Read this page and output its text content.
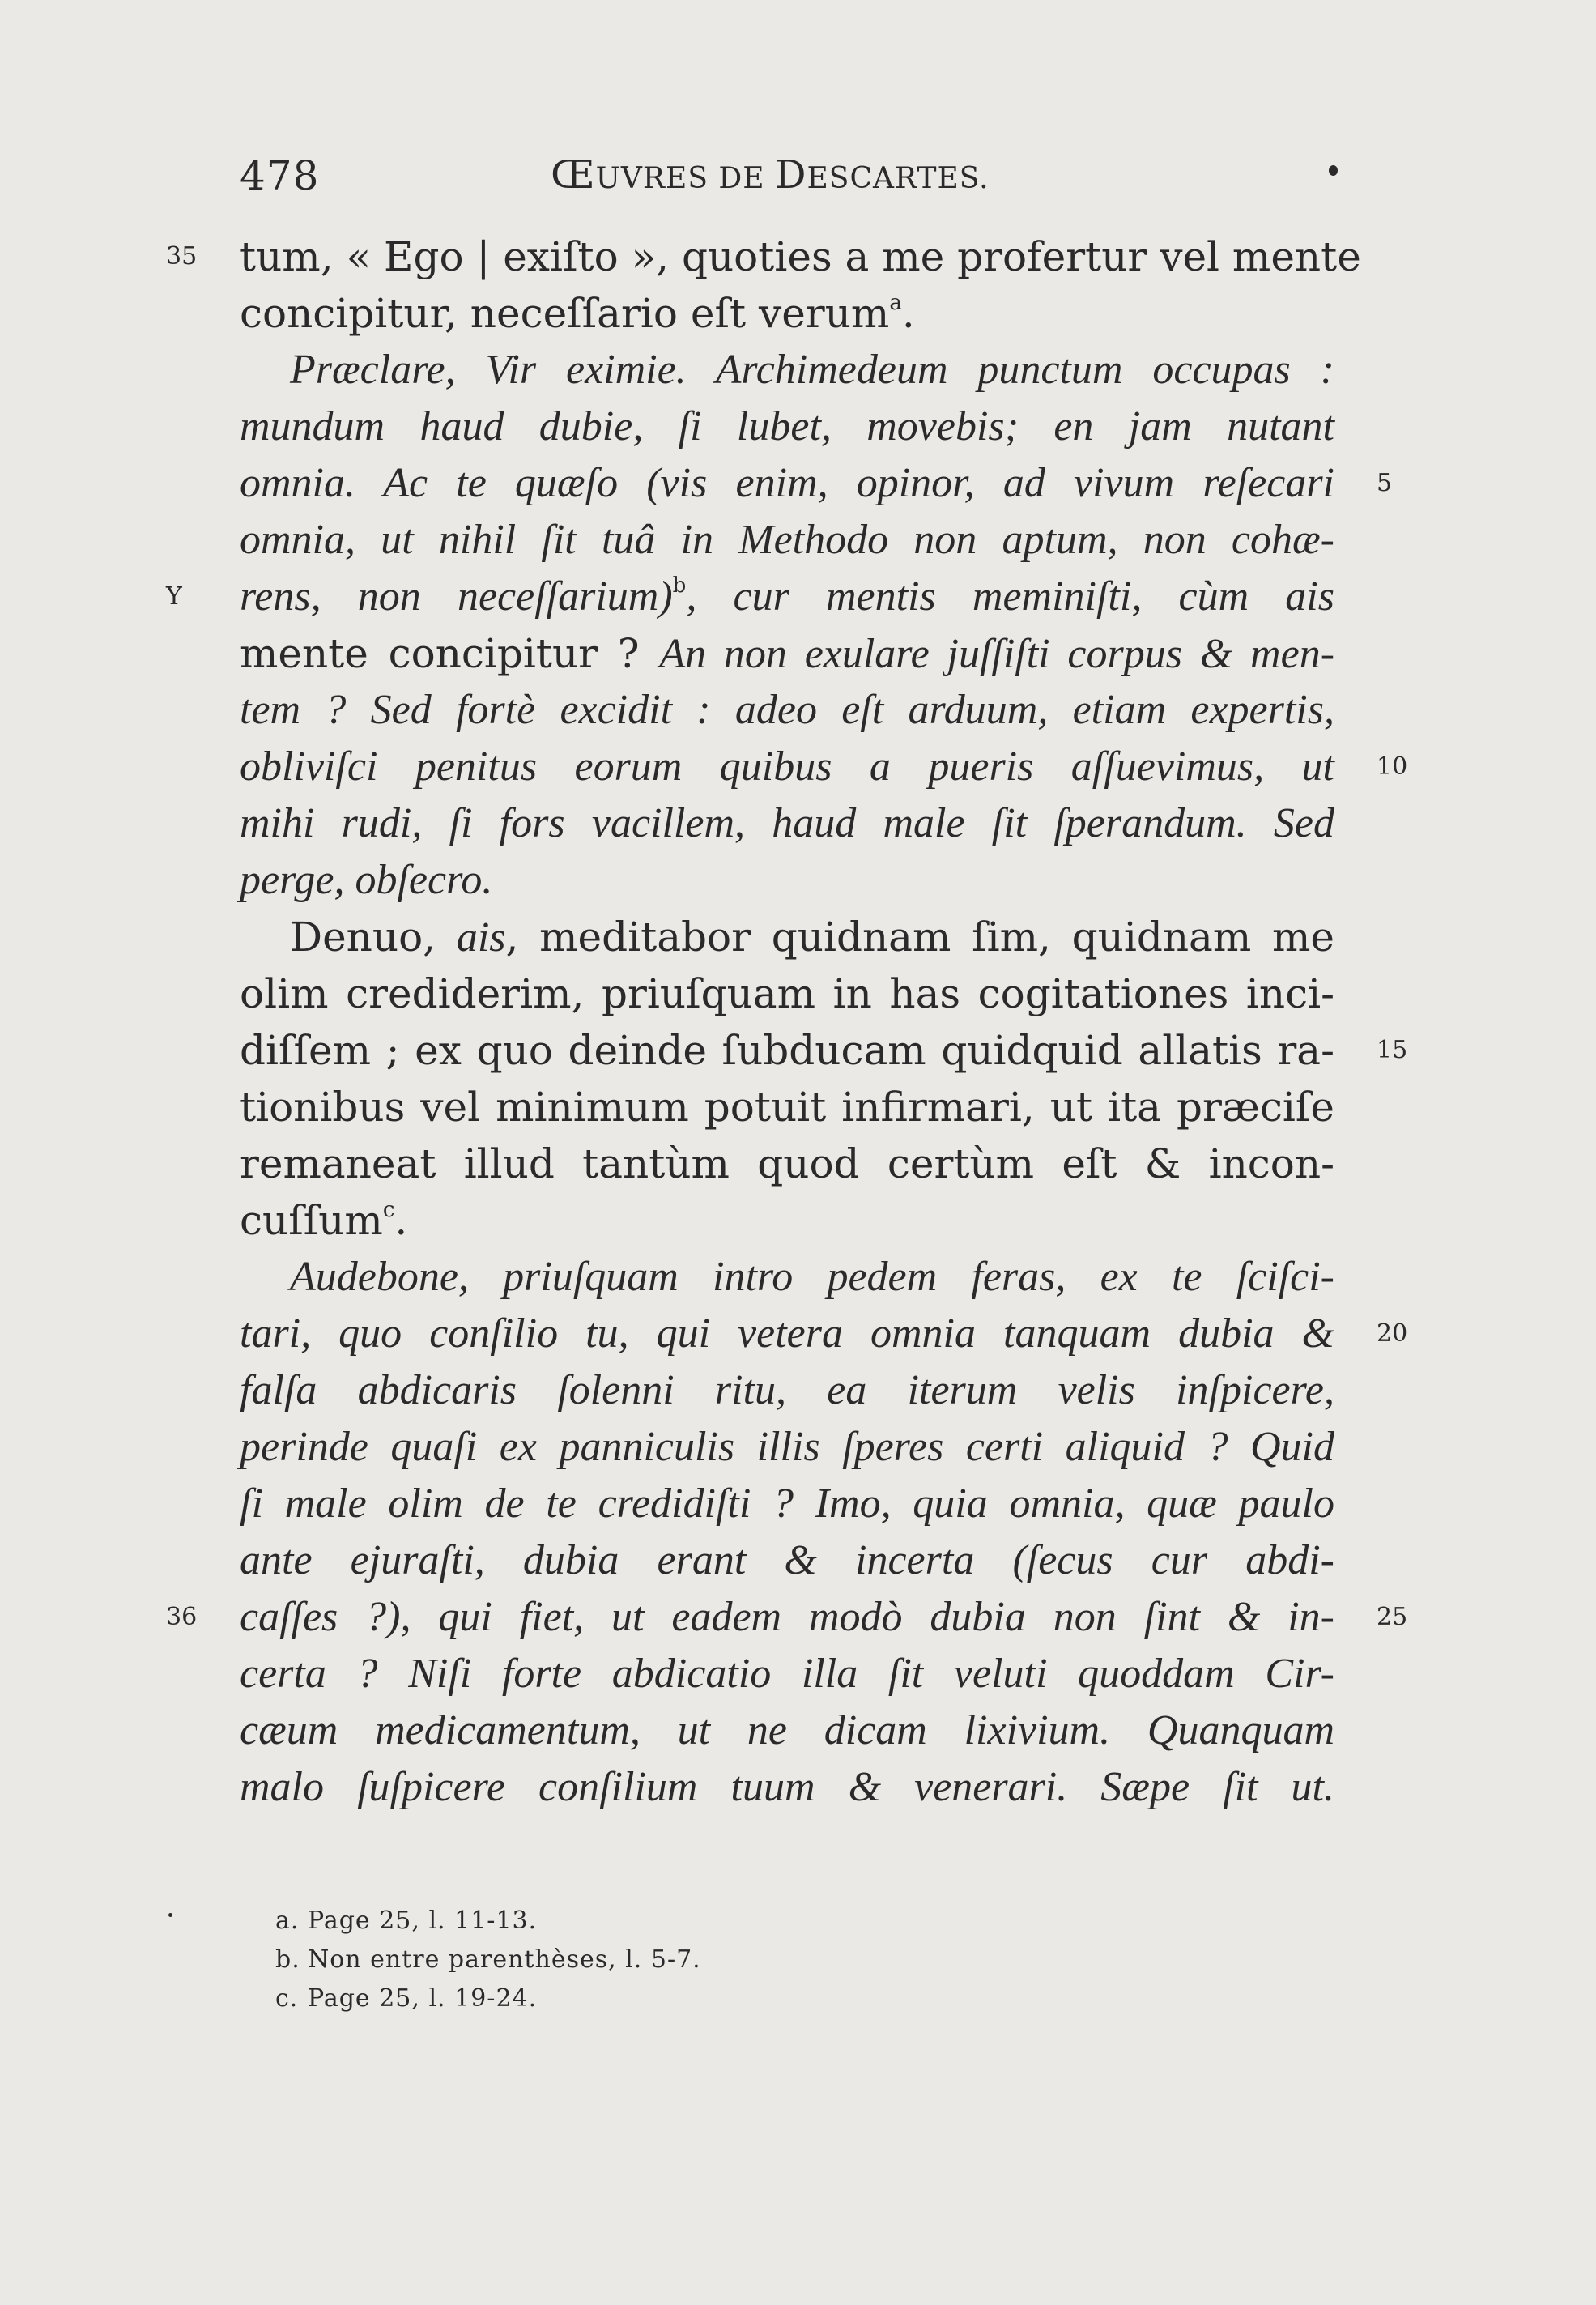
478	ŒUVRES DE DESCARTES.
35
Y
36
5
10
15
20
25
tum, « Ego | exiſto », quoties a me profertur vel mente
concipitur, neceſſario eſt verum$^a$.
Præclare, Vir eximie. Archimedeum punctum occupas :
mundum haud dubie, ſi lubet, movebis; en jam nutant
omnia. Ac te quæſo (vis enim, opinor, ad vivum reſecari
omnia, ut nihil ſit tuâ in Methodo non aptum, non cohæ-
rens, non neceſſarium)$^b$, cur mentis meminiſti, cùm ais
mente concipitur ? An non exulare juſſiſti corpus & men-
tem ? Sed fortè excidit : adeo eſt arduum, etiam expertis,
obliviſci penitus eorum quibus a pueris aſſuevimus, ut
mihi rudi, ſi fors vacillem, haud male ſit ſperandum. Sed
perge, obſecro.
Denuo, ais, meditabor quidnam ſim, quidnam me
olim crediderim, priuſquam in has cogitationes inci-
diſſem ; ex quo deinde ſubducam quidquid allatis ra-
tionibus vel minimum potuit infirmari, ut ita præciſe
remaneat illud tantùm quod certùm eſt & incon-
cuſſum$^c$.
Audebone, priuſquam intro pedem feras, ex te ſciſci-
tari, quo conſilio tu, qui vetera omnia tanquam dubia &
falſa abdicaris ſolenni ritu, ea iterum velis inſpicere,
perinde quaſi ex panniculis illis ſperes certi aliquid ? Quid
ſi male olim de te credidiſti ? Imo, quia omnia, quæ paulo
ante ejuraſti, dubia erant & incerta (ſecus cur abdi-
caſſes ?), qui fiet, ut eadem modò dubia non ſint & in-
certa ? Niſi forte abdicatio illa ſit veluti quoddam Cir-
cæum medicamentum, ut ne dicam lixivium. Quanquam
malo ſuſpicere conſilium tuum & venerari. Sæpe ſit ut.
a. Page 25, l. 11-13.
b. Non entre parenthèses, l. 5-7.
c. Page 25, l. 19-24.
